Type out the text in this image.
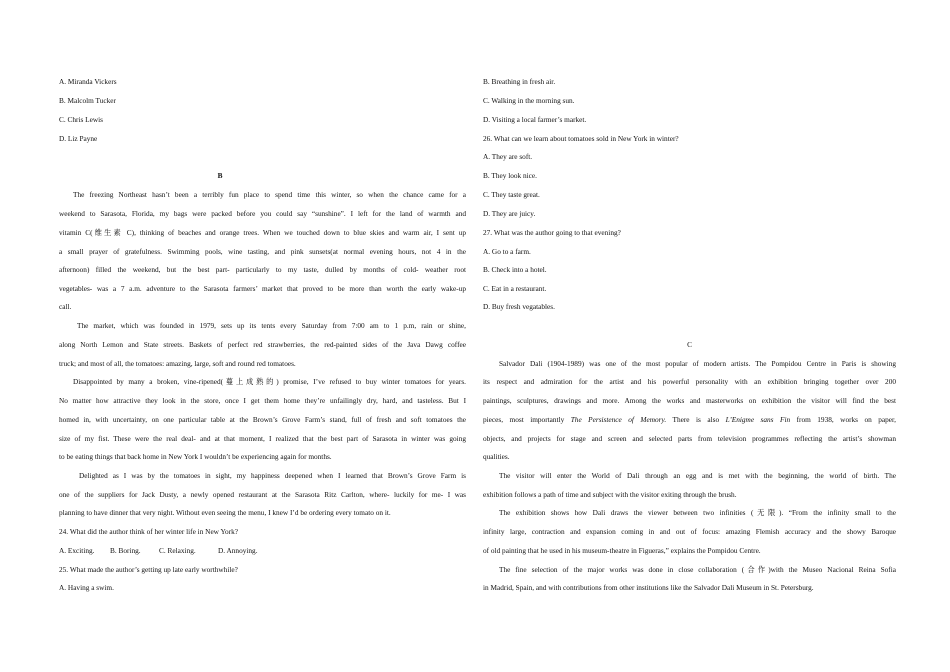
A. Miranda Vickers
B. Malcolm Tucker
C. Chris Lewis
D. Liz Payne
B
The freezing Northeast hasn’t been a terribly fun place to spend time this winter, so when the chance came for a
weekend to Sarasota, Florida, my bags were packed before you could say “sunshine”. I left for the land of warmth and
vitamin C(维生素 C), thinking of beaches and orange trees. When we touched down to blue skies and warm air, I sent up
a small prayer of gratefulness. Swimming pools, wine tasting, and pink sunsets(at normal evening hours, not 4 in the
afternoon) filled the weekend, but the best part- particularly to my taste, dulled by months of cold- weather root
vegetables- was a 7 a.m. adventure to the Sarasota farmers’ market that proved to be more than worth the early wake-up
call.
The market, which was founded in 1979, sets up its tents every Saturday from 7:00 am to 1 p.m, rain or shine,
along North Lemon and State streets. Baskets of perfect red strawberries, the red-painted sides of the Java Dawg coffee
truck; and most of all, the tomatoes: amazing, large, soft and round red tomatoes.
Disappointed by many a broken, vine-ripened(蔓上成熟的) promise, I’ve refused to buy winter tomatoes for years.
No matter how attractive they look in the store, once I get them home they’re unfailingly dry, hard, and tasteless. But I
homed in, with uncertainty, on one particular table at the Brown’s Grove Farm’s stand, full of fresh and soft tomatoes the
size of my fist. These were the real deal- and at that moment, I realized that the best part of Sarasota in winter was going
to be eating things that back home in New York I wouldn’t be experiencing again for months.
Delighted as I was by the tomatoes in sight, my happiness deepened when I learned that Brown’s Grove Farm is
one of the suppliers for Jack Dusty, a newly opened restaurant at the Sarasota Ritz Carlton, where- luckily for me- I was
planning to have dinner that very night. Without even seeing the menu, I knew I’d be ordering every tomato on it.
24. What did the author think of her winter life in New York?
A. Exciting. B. Boring.	C. Relaxing.	D. Annoying.
25. What made the author’s getting up late early worthwhile?
A. Having a swim.
B. Breathing in fresh air.
C. Walking in the morning sun.
D. Visiting a local farmer’s market.
26. What can we learn about tomatoes sold in New York in winter?
A. They are soft.
B. They look nice.
C. They taste great.
D. They are juicy.
27. What was the author going to that evening?
A. Go to a farm.
B. Check into a hotel.
C. Eat in a restaurant.
D. Buy fresh vegatables.
C
Salvador Dali (1904-1989) was one of the most popular of modern artists. The Pompidou Centre in Paris is showing
its respect and admiration for the artist and his powerful personality with an exhibition bringing together over 200
paintings, sculptures, drawings and more. Among the works and masterworks on exhibition the visitor will find the best
pieces, most importantly The Persistence of Memory. There is also L’Enigme sans Fin from 1938, works on paper,
objects, and projects for stage and screen and selected parts from television programmes reflecting the artist’s showman
qualities.
The visitor will enter the World of Dali through an egg and is met with the beginning, the world of birth. The
exhibition follows a path of time and subject with the visitor exiting through the brush.
The exhibition shows how Dali draws the viewer between two infinities (无限). “From the infinity small to the
infinity large, contraction and expansion coming in and out of focus: amazing Flemish accuracy and the showy Baroque
of old painting that he used in his museum-theatre in Figueras,” explains the Pompidou Centre.
The fine selection of the major works was done in close collaboration (合作)with the Museo Nacional Reina Sofia
in Madrid, Spain, and with contributions from other institutions like the Salvador Dali Museum in St. Petersburg.
